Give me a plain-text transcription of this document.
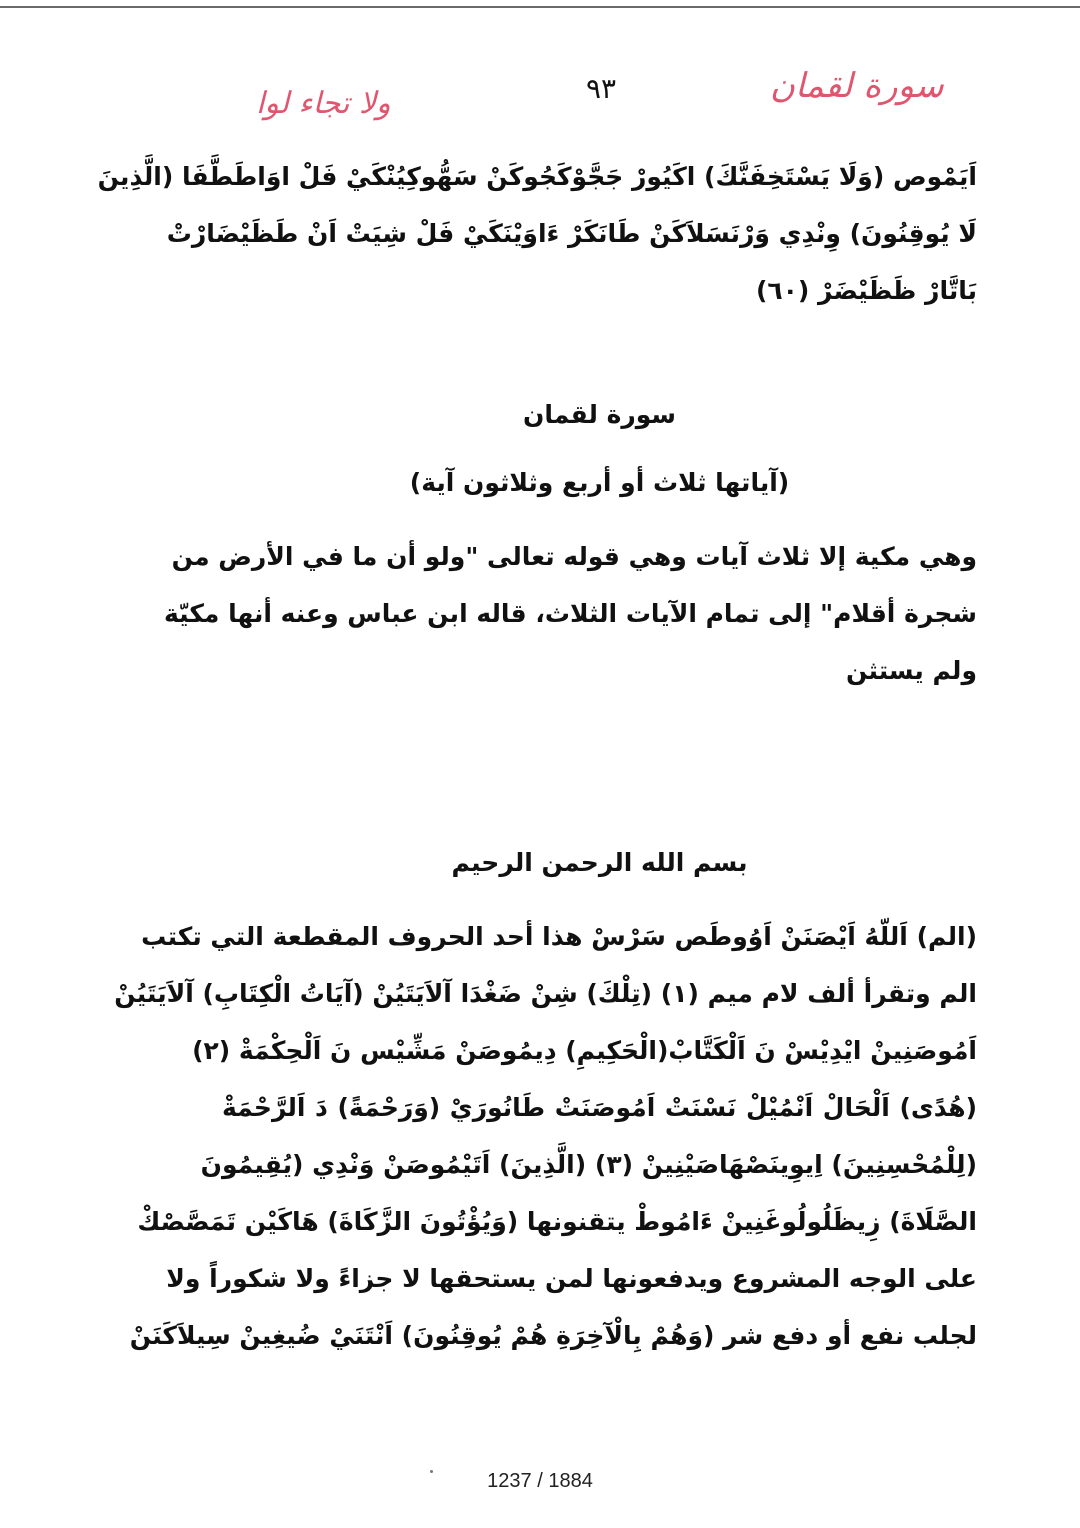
سورة لقمان
٩٣
ولا تجاء لوا
اَيَمْوص (وَلَا يَسْتَخِفَنَّكَ) اكَيُورْ جَجَّوْكَجُوكَنْ سَهُّوكِيُنْكَيْ فَلْ اوَاطَطَّفَا (الَّذِينَ
لَا يُوقِنُونَ) وِنْدِي وَرْنَسَلاَكَنْ طَانَكَرْ ءَاوَيْنَكَيْ فَلْ شِيَتْ اَنْ طَظَيْضَارْتْ
بَاتَّارْ ظَظَيْضَرْ (٦٠)
سورة لقمان
(آياتها ثلاث أو أربع وثلاثون آية)
وهي مكية إلا ثلاث آيات وهي قوله تعالى "ولو أن ما في الأرض من
شجرة أقلام" إلى تمام الآيات الثلاث، قاله ابن عباس وعنه أنها مكيّة
ولم يستثن
بسم الله الرحمن الرحيم
(الم) اَللّهُ اَيْصَنَنْ اَوُوطَص سَرْسْ هذا أحد الحروف المقطعة التي تكتب
الم وتقرأ ألف لام ميم (١) (تِلْكَ) شِنْ ضَغْدَا آلاَيَتَيُنْ (آيَاتُ الْكِتَابِ) آلاَيَتَيُنْ
اَمُوصَنِينْ ايْدِيْسْ نَ اَلْكَتَّابْ(الْحَكِيمِ) دِيمُوصَنْ مَشِّيْس نَ اَلْحِكْمَةْ (٢)
(هُدًى) اَلْحَالْ اَنْمُيْلْ نَسْنَتْ اَمُوصَنَتْ طَانُورَيْ (وَرَحْمَةً) دَ اَلرَّحْمَةْ
(لِلْمُحْسِنِينَ) اِيوِينَصْهَاصَيْنِينْ (٣) (الَّذِينَ) اَتَيْمُوصَنْ وَنْدِي (يُقِيمُونَ
الصَّلَاةَ) زِيظَلُولُوغَنِينْ ءَامُوطْ يتقنونها (وَيُؤْتُونَ الزَّكَاةَ) هَاكَيْن تَمَصَّصْكْ
على الوجه المشروع ويدفعونها لمن يستحقها لا جزاءً ولا شكوراً ولا
لجلب نفع أو دفع شر (وَهُمْ بِالْآخِرَةِ هُمْ يُوقِنُونَ) اَنْتَنَيْ ضُيغِينْ سِيلاَكَنَنْ
1237 / 1884
